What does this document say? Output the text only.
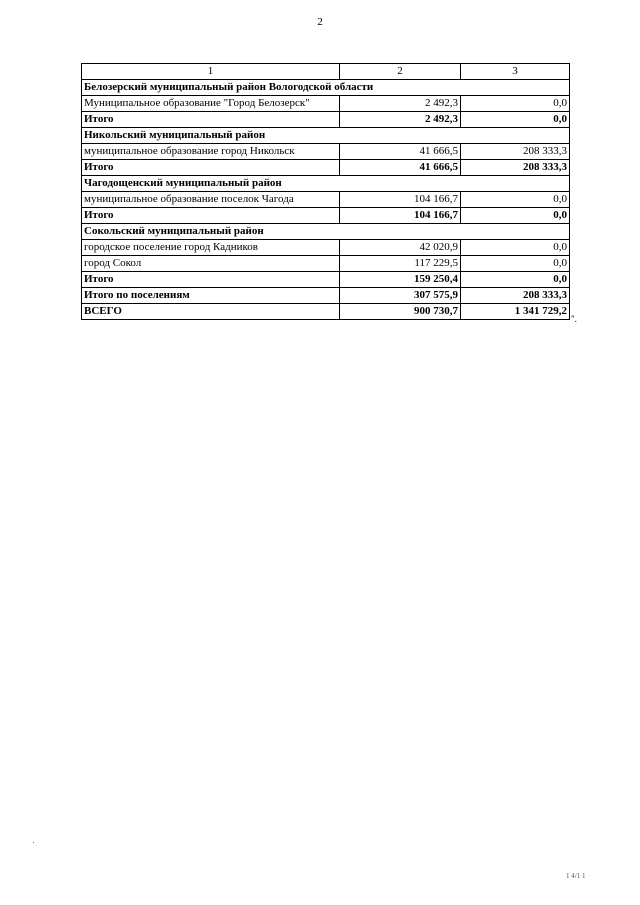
2
1	2	3
Белозерский муниципальный район Вологодской области		
Муниципальное образование "Город Белозерск"	2 492,3	0,0
Итого	2 492,3	0,0
Никольский муниципальный район		
муниципальное образование город Никольск	41 666,5	208 333,3
Итого	41 666,5	208 333,3
Чагодощенский муниципальный район		
муниципальное образование поселок Чагода	104 166,7	0,0
Итого	104 166,7	0,0
Сокольский муниципальный район		
городское поселение город Кадников	42 020,9	0,0
город Сокол	117 229,5	0,0
Итого	159 250,4	0,0
Итого по поселениям	307 575,9	208 333,3
ВСЕГО	900 730,7	1 341 729,2
".
1 4/1 1
